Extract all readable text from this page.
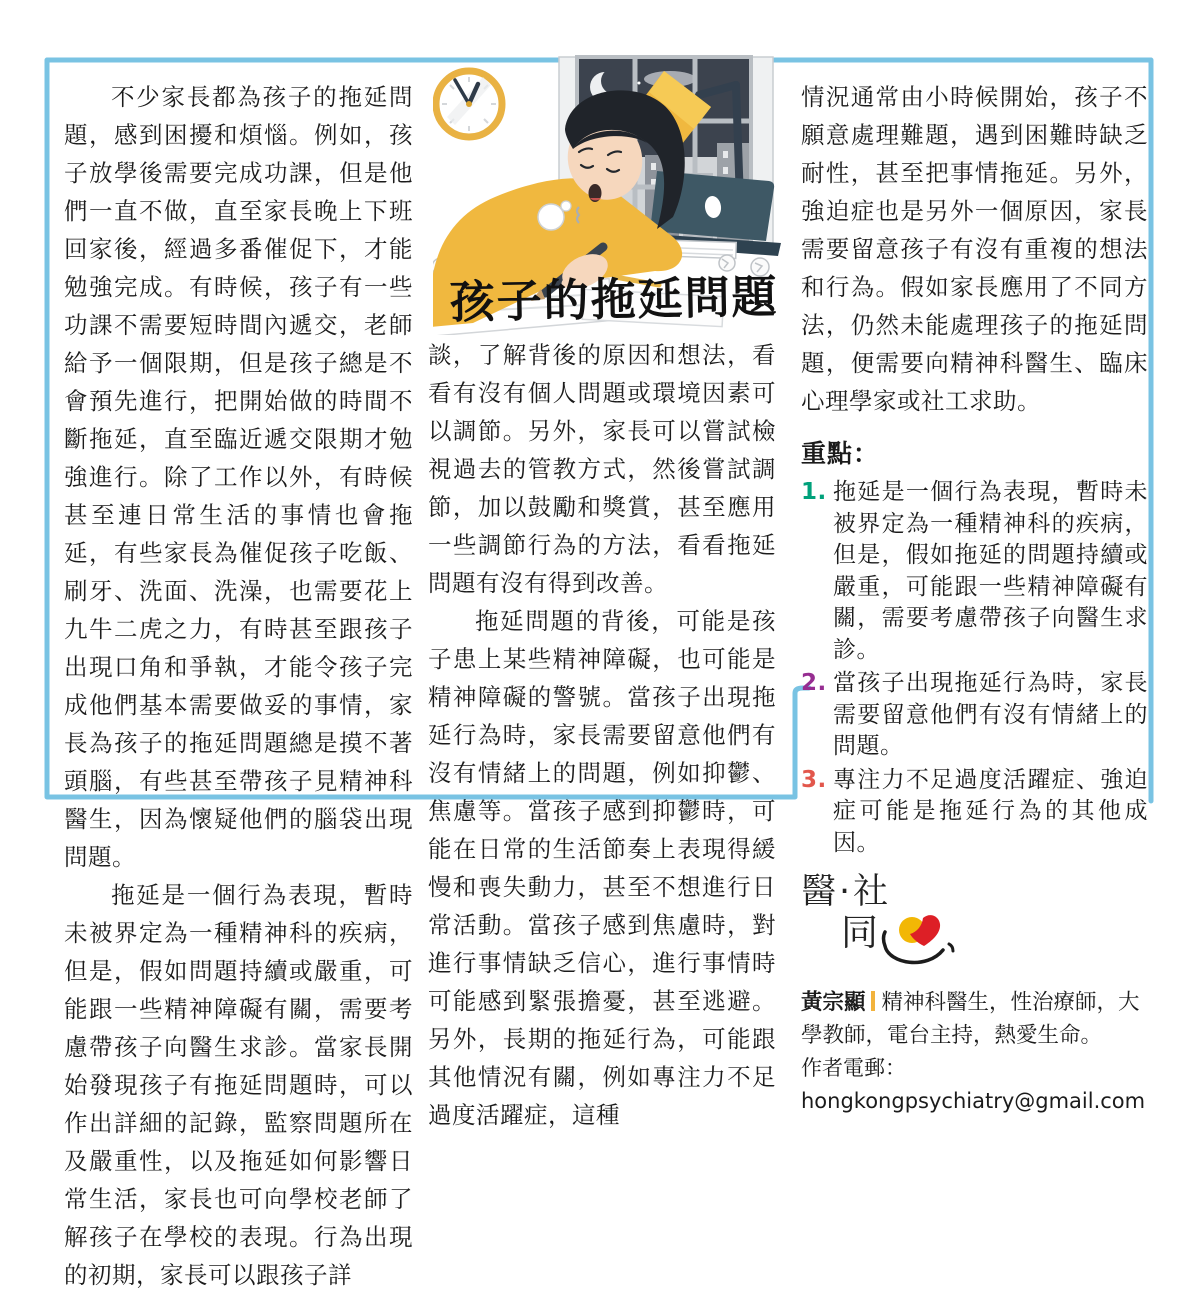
孩子的拖延問題

不少家長都為孩子的拖延問題，感到困擾和煩惱。例如，孩子放學後需要完成功課，但是他們一直不做，直至家長晚上下班回家後，經過多番催促下，才能勉強完成。有時候，孩子有一些功課不需要短時間內遞交，老師給予一個限期，但是孩子總是不會預先進行，把開始做的時間不斷拖延，直至臨近遞交限期才勉強進行。除了工作以外，有時候甚至連日常生活的事情也會拖延，有些家長為催促孩子吃飯、刷牙、洗面、洗澡，也需要花上九牛二虎之力，有時甚至跟孩子出現口角和爭執，才能令孩子完成他們基本需要做妥的事情，家長為孩子的拖延問題總是摸不著頭腦，有些甚至帶孩子見精神科醫生，因為懷疑他們的腦袋出現問題。

拖延是一個行為表現，暫時未被界定為一種精神科的疾病，但是，假如問題持續或嚴重，可能跟一些精神障礙有關，需要考慮帶孩子向醫生求診。當家長開始發現孩子有拖延問題時，可以作出詳細的記錄，監察問題所在及嚴重性，以及拖延如何影響日常生活，家長也可向學校老師了解孩子在學校的表現。行為出現的初期，家長可以跟孩子詳

談，了解背後的原因和想法，看看有沒有個人問題或環境因素可以調節。另外，家長可以嘗試檢視過去的管教方式，然後嘗試調節，加以鼓勵和獎賞，甚至應用一些調節行為的方法，看看拖延問題有沒有得到改善。

拖延問題的背後，可能是孩子患上某些精神障礙，也可能是精神障礙的警號。當孩子出現拖延行為時，家長需要留意他們有沒有情緒上的問題，例如抑鬱、焦慮等。當孩子感到抑鬱時，可能在日常的生活節奏上表現得緩慢和喪失動力，甚至不想進行日常活動。當孩子感到焦慮時，對進行事情缺乏信心，進行事情時可能感到緊張擔憂，甚至逃避。另外，長期的拖延行為，可能跟其他情況有關，例如專注力不足過度活躍症，這種

情況通常由小時候開始，孩子不願意處理難題，遇到困難時缺乏耐性，甚至把事情拖延。另外，強迫症也是另外一個原因，家長需要留意孩子有沒有重複的想法和行為。假如家長應用了不同方法，仍然未能處理孩子的拖延問題，便需要向精神科醫生、臨床心理學家或社工求助。

重點：
1. 拖延是一個行為表現，暫時未被界定為一種精神科的疾病，但是，假如拖延的問題持續或嚴重，可能跟一些精神障礙有關，需要考慮帶孩子向醫生求診。
2. 當孩子出現拖延行為時，家長需要留意他們有沒有情緒上的問題。
3. 專注力不足過度活躍症、強迫症可能是拖延行為的其他成因。
醫·社
同
黃宗顯 精神科醫生，性治療師，大學教師，電台主持，熱愛生命。
作者電郵：hongkongpsychiatry@gmail.com
